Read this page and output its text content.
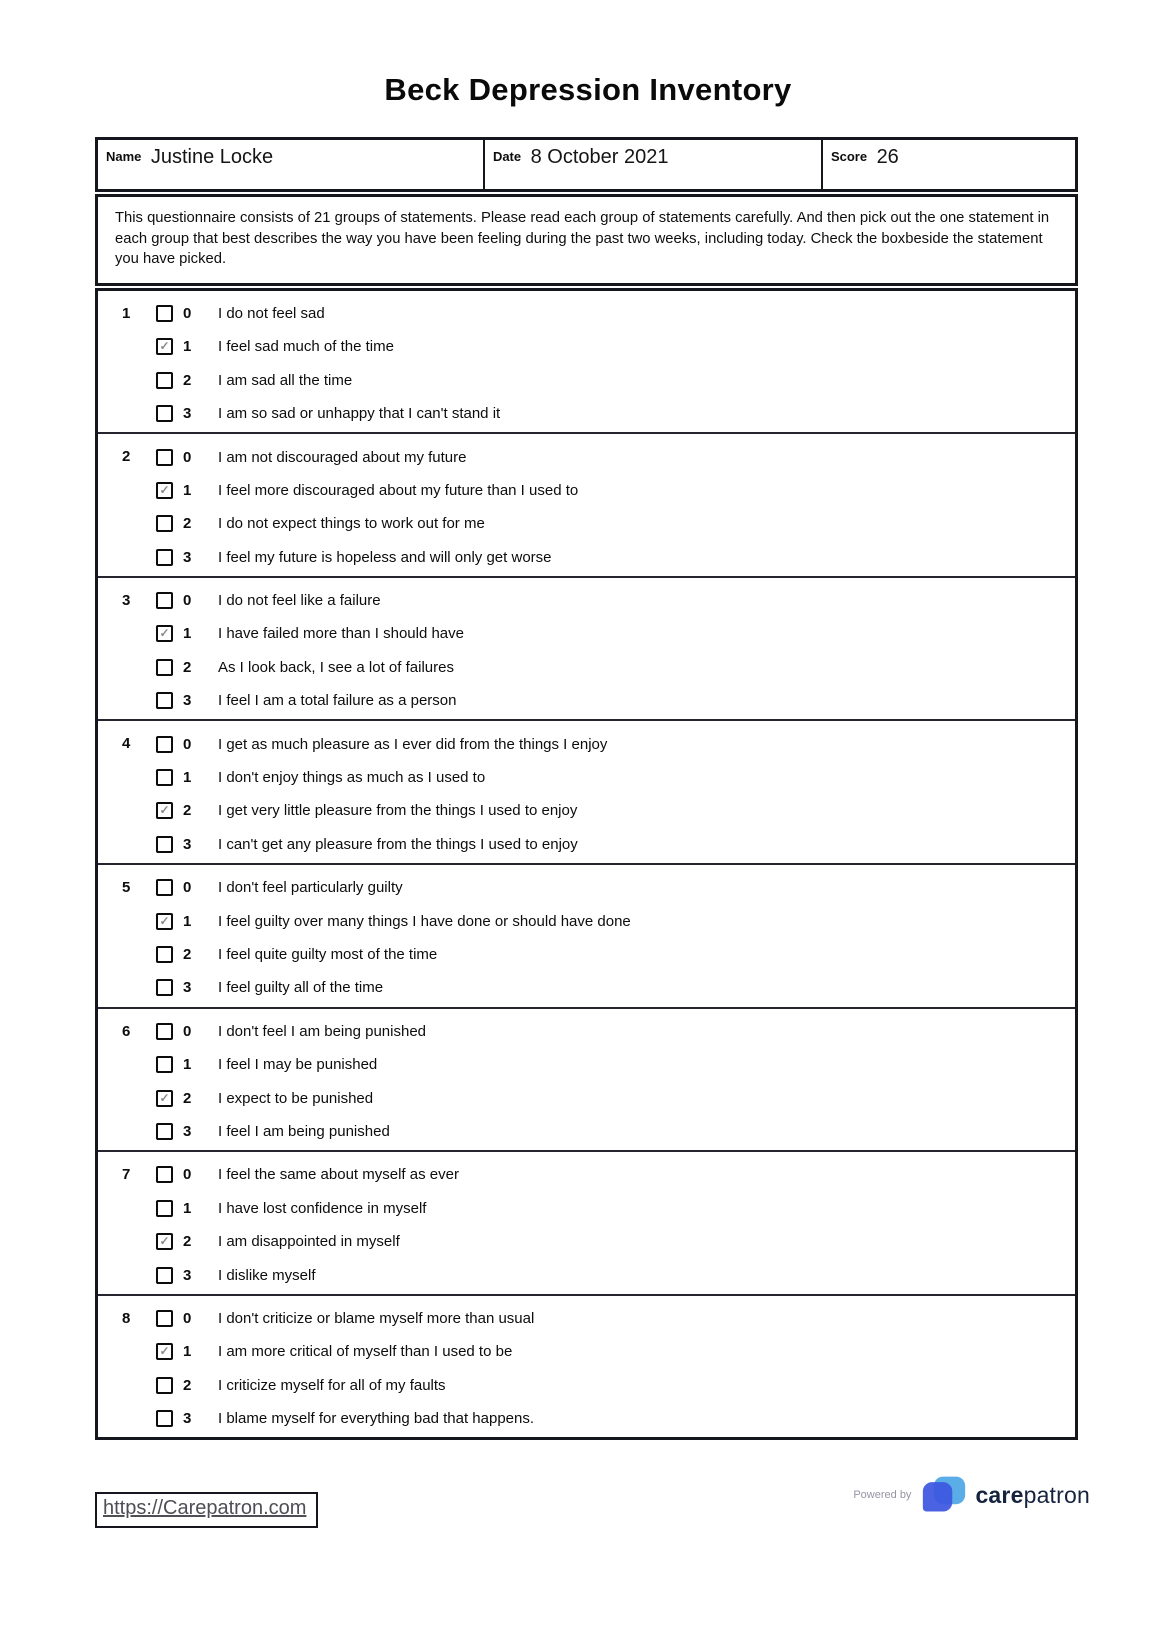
Beck Depression Inventory
Name Justine Locke	Date 8 October 2021	Score 26
This questionnaire consists of 21 groups of statements. Please read each group of statements carefully. And then pick out the one statement in each group that best describes the way you have been feeling during the past two weeks, including today. Check the boxbeside the statement you have picked.
1	0	I do not feel sad
✓ 1	I feel sad much of the time
2	I am sad all the time
3	I am so sad or unhappy that I can't stand it
2	0	I am not discouraged about my future
✓ 1	I feel more discouraged about my future than I used to
2	I do not expect things to work out for me
3	I feel my future is hopeless and will only get worse
3	0	I do not feel like a failure
✓ 1	I have failed more than I should have
2	As I look back, I see a lot of failures
3	I feel I am a total failure as a person
4	0	I get as much pleasure as I ever did from the things I enjoy
1	I don't enjoy things as much as I used to
✓ 2	I get very little pleasure from the things I used to enjoy
3	I can't get any pleasure from the things I used to enjoy
5	0	I don't feel particularly guilty
✓ 1	I feel guilty over many things I have done or should have done
2	I feel quite guilty most of the time
3	I feel guilty all of the time
6	0	I don't feel I am being punished
1	I feel I may be punished
✓ 2	I expect to be punished
3	I feel I am being punished
7	0	I feel the same about myself as ever
1	I have lost confidence in myself
✓ 2	I am disappointed in myself
3	I dislike myself
8	0	I don't criticize or blame myself more than usual
✓ 1	I am more critical of myself than I used to be
2	I criticize myself for all of my faults
3	I blame myself for everything bad that happens.
https://Carepatron.com
Powered by	carepatron
